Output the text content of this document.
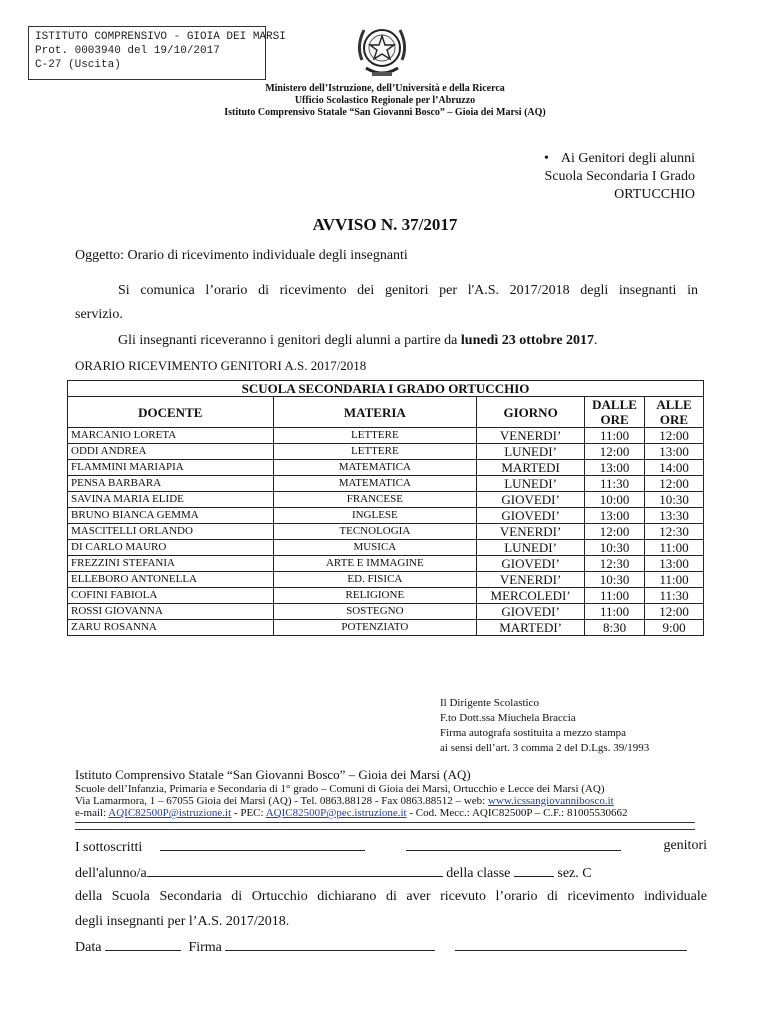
ISTITUTO COMPRENSIVO - GIOIA DEI MARSI
Prot. 0003940 del 19/10/2017
C-27 (Uscita)
Ministero dell’Istruzione, dell’Università e della Ricerca
Ufficio Scolastico Regionale per l’Abruzzo
Istituto Comprensivo Statale “San Giovanni Bosco” – Gioia dei Marsi (AQ)
• Ai Genitori degli alunni
Scuola Secondaria I Grado
ORTUCCHIO
AVVISO N. 37/2017
Oggetto: Orario di ricevimento individuale degli insegnanti
Si comunica l’orario di ricevimento dei genitori per l'A.S. 2017/2018 degli insegnanti in
servizio.
Gli insegnanti riceveranno i genitori degli alunni a partire da lunedì 23 ottobre 2017.
ORARIO RICEVIMENTO GENITORI A.S. 2017/2018
SCUOLA SECONDARIA I GRADO ORTUCCHIO				
DOCENTE	MATERIA	GIORNO	DALLE ORE	ALLE ORE
MARCANIO LORETA	LETTERE	VENERDI’	11:00	12:00
ODDI ANDREA	LETTERE	LUNEDI’	12:00	13:00
FLAMMINI MARIAPIA	MATEMATICA	MARTEDI	13:00	14:00
PENSA BARBARA	MATEMATICA	LUNEDI’	11:30	12:00
SAVINA MARIA ELIDE	FRANCESE	GIOVEDI’	10:00	10:30
BRUNO BIANCA GEMMA	INGLESE	GIOVEDI’	13:00	13:30
MASCITELLI ORLANDO	TECNOLOGIA	VENERDI’	12:00	12:30
DI CARLO MAURO	MUSICA	LUNEDI’	10:30	11:00
FREZZINI STEFANIA	ARTE E IMMAGINE	GIOVEDI’	12:30	13:00
ELLEBORO ANTONELLA	ED. FISICA	VENERDI’	10:30	11:00
COFINI FABIOLA	RELIGIONE	MERCOLEDI’	11:00	11:30
ROSSI GIOVANNA	SOSTEGNO	GIOVEDI’	11:00	12:00
ZARU ROSANNA	POTENZIATO	MARTEDI’	8:30	9:00
Il Dirigente Scolastico
F.to Dott.ssa Miuchela Braccia
Firma autografa sostituita a mezzo stampa
ai sensi dell’art. 3 comma 2 del D.Lgs. 39/1993
Istituto Comprensivo Statale “San Giovanni Bosco” – Gioia dei Marsi (AQ)
Scuole dell’Infanzia, Primaria e Secondaria di 1° grado – Comuni di Gioia dei Marsi, Ortucchio e Lecce dei Marsi (AQ)
Via Lamarmora, 1 – 67055 Gioia dei Marsi (AQ) - Tel. 0863.88128 - Fax 0863.88512 – web: www.icssangiovannibosco.it
e-mail: AQIC82500P@istruzione.it - PEC: AQIC82500P@pec.istruzione.it - Cod. Mecc.: AQIC82500P – C.F.: 81005530662
I sottoscritti	genitori
dell'alunno/a	della classe	sez. C
della Scuola Secondaria di Ortucchio dichiarano di aver ricevuto l’orario di ricevimento individuale
degli insegnanti per l’A.S. 2017/2018.
Data	Firma
